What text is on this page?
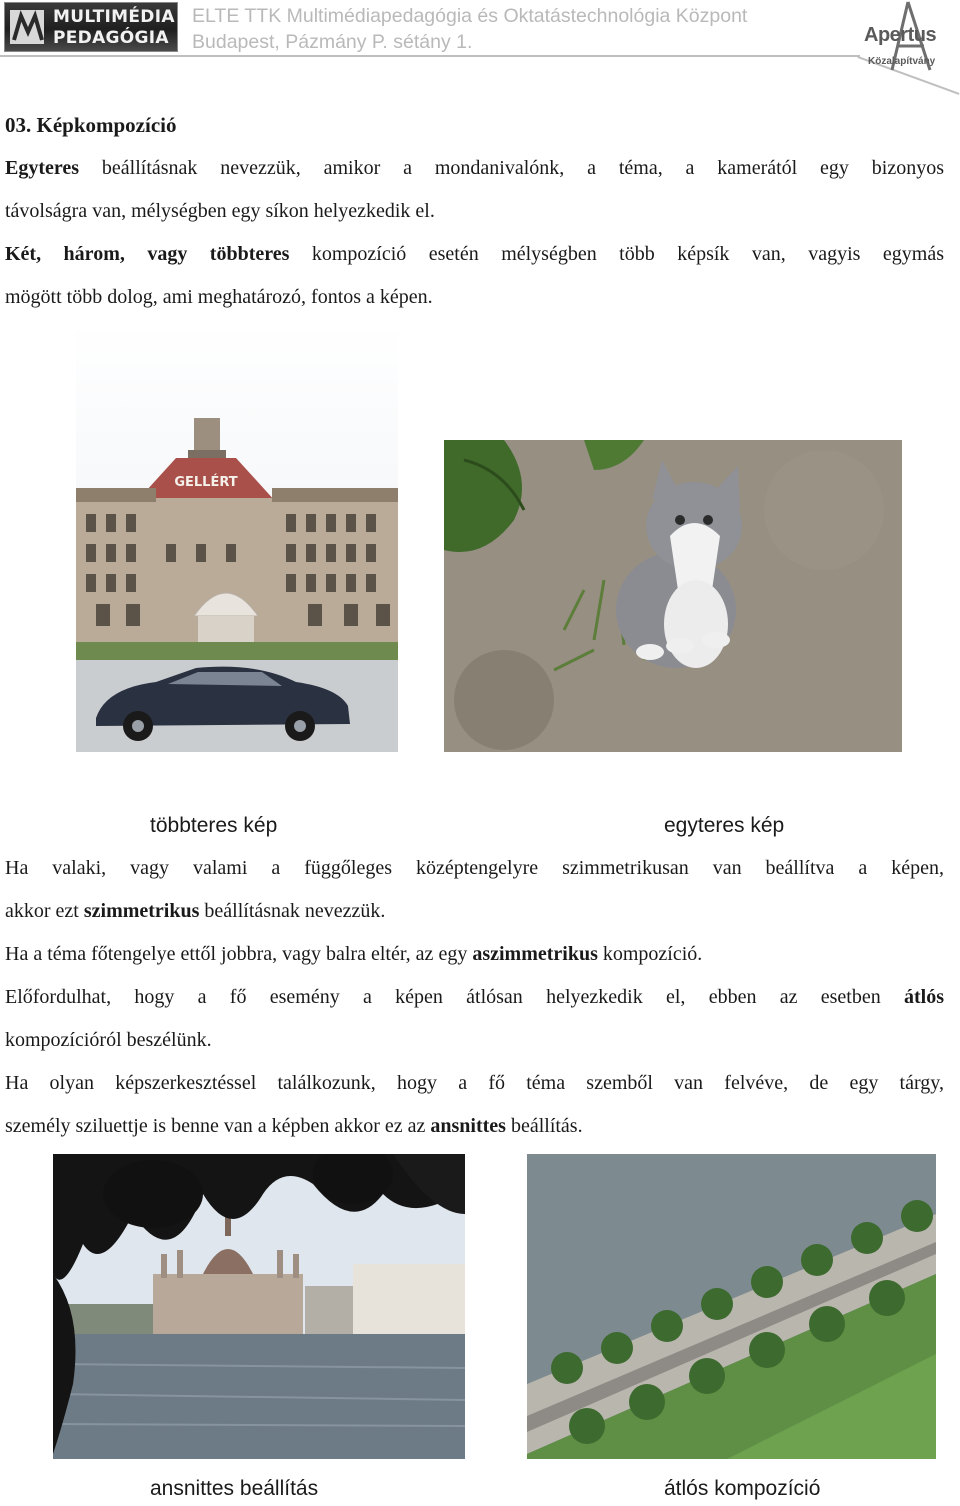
MULTIMÉDIA
PEDAGÓGIA
ELTE TTK Multimédiapedagógia és Oktatástechnológia Központ
Budapest, Pázmány P. sétány 1.	Apertus
Közalapítvány
03. Képkompozíció
Egyteres beállításnak nevezzük, amikor a mondanivalónk, a téma, a kamerától egy bizonyos
távolságra van, mélységben egy síkon helyezkedik el.
Két, három, vagy többteres kompozíció esetén mélységben több képsík van, vagyis egymás
mögött több dolog, ami meghatározó, fontos a képen.
GELLÉRT
többteres kép	egyteres kép
Ha valaki, vagy valami a függőleges középtengelyre szimmetrikusan van beállítva a képen,
akkor ezt szimmetrikus beállításnak nevezzük.
Ha a téma főtengelye ettől jobbra, vagy balra eltér, az egy aszimmetrikus kompozíció.
Előfordulhat, hogy a fő esemény a képen átlósan helyezkedik el, ebben az esetben átlós
kompozícióról beszélünk.
Ha olyan képszerkesztéssel találkozunk, hogy a fő téma szemből van felvéve, de egy tárgy,
személy sziluettje is benne van a képben akkor ez az ansnittes beállítás.
ansnittes beállítás	átlós kompozíció
